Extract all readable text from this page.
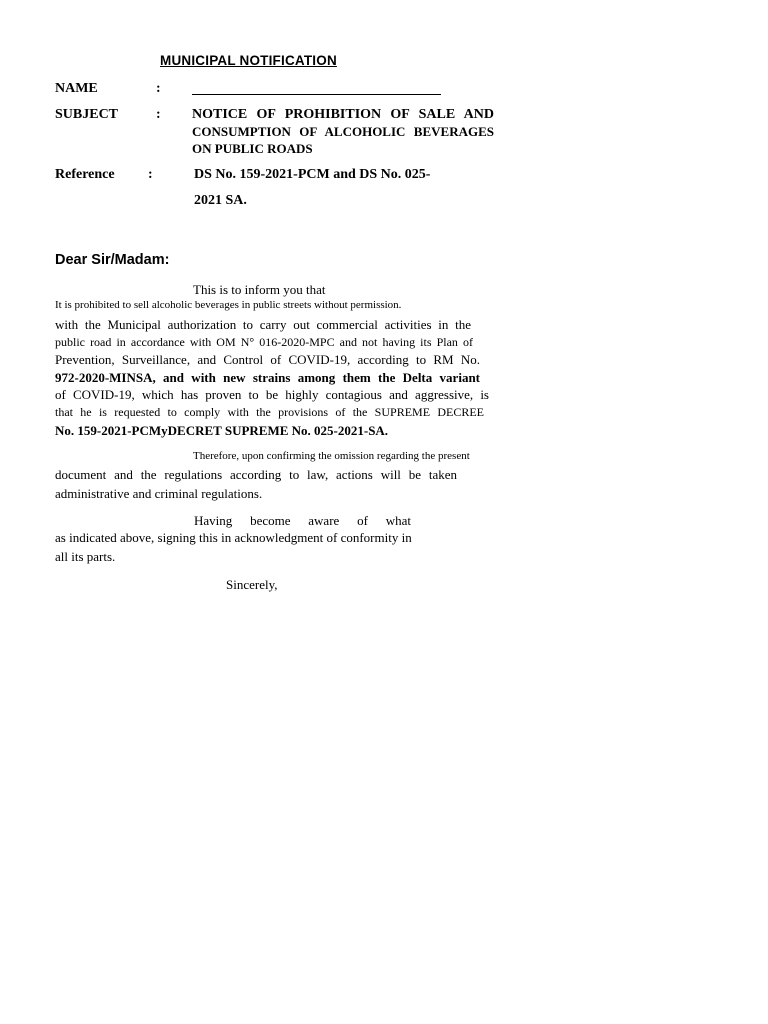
MUNICIPAL NOTIFICATION
NAME	:
SUBJECT	: NOTICE OF PROHIBITION OF SALE AND
CONSUMPTION OF ALCOHOLIC BEVERAGES
ON PUBLIC ROADS
Reference :	DS No. 159-2021-PCM and DS No. 025-
2021 SA.
Dear Sir/Madam:
This is to inform you that
It is prohibited to sell alcoholic beverages in public streets without permission.
with the Municipal authorization to carry out commercial activities in the
public road in accordance with OM N° 016-2020-MPC and not having its Plan of
Prevention, Surveillance, and Control of COVID-19, according to RM No.
972-2020-MINSA, and with new strains among them the Delta variant
of COVID-19, which has proven to be highly contagious and aggressive, is
that he is requested to comply with the provisions of the SUPREME DECREE
No. 159-2021-PCMyDECRET SUPREME No. 025-2021-SA.
Therefore, upon confirming the omission regarding the present
document and the regulations according to law, actions will be taken
administrative and criminal regulations.
Having become aware of what
as indicated above, signing this in acknowledgment of conformity in
all its parts.
Sincerely,
